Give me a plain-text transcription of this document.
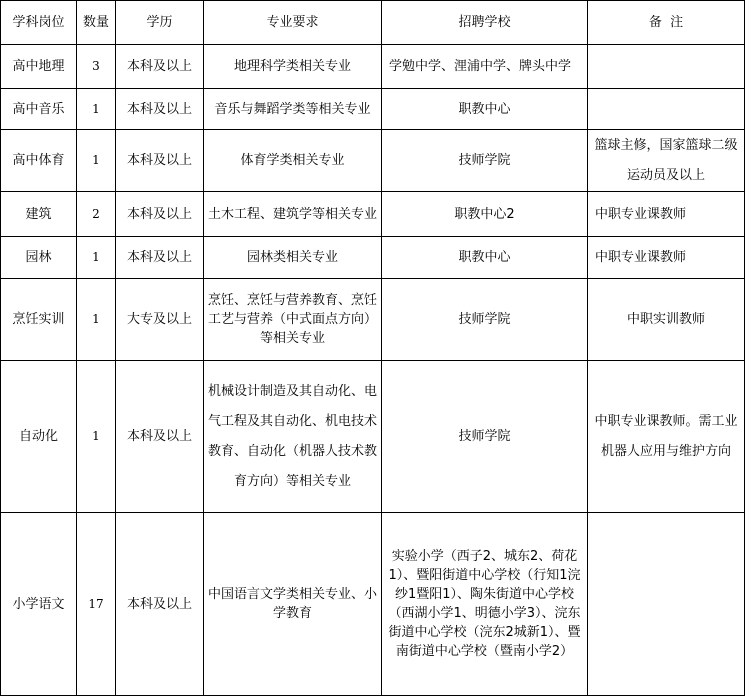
学科岗位	数量	学历	专业要求	招聘学校	备  注
高中地理	3	本科及以上	地理科学类相关专业	学勉中学、浬浦中学、牌头中学	
高中音乐	1	本科及以上	音乐与舞蹈学类等相关专业	职教中心	
高中体育	1	本科及以上	体育学类相关专业	技师学院	篮球主修，国家篮球二级运动员及以上
建筑	2	本科及以上	土木工程、建筑学等相关专业	职教中心2	中职专业课教师
园林	1	本科及以上	园林类相关专业	职教中心	中职专业课教师
烹饪实训	1	大专及以上	烹饪、烹饪与营养教育、烹饪工艺与营养（中式面点方向）等相关专业	技师学院	中职实训教师
自动化	1	本科及以上	机械设计制造及其自动化、电气工程及其自动化、机电技术教育、自动化（机器人技术教育方向）等相关专业	技师学院	中职专业课教师。需工业机器人应用与维护方向
小学语文	17	本科及以上	中国语言文学类相关专业、小学教育	实验小学（西子2、城东2、荷花1）、暨阳街道中心学校（行知1浣纱1暨阳1）、陶朱街道中心学校（西湖小学1、明德小学3）、浣东街道中心学校（浣东2城新1）、暨南街道中心学校（暨南小学2）	
